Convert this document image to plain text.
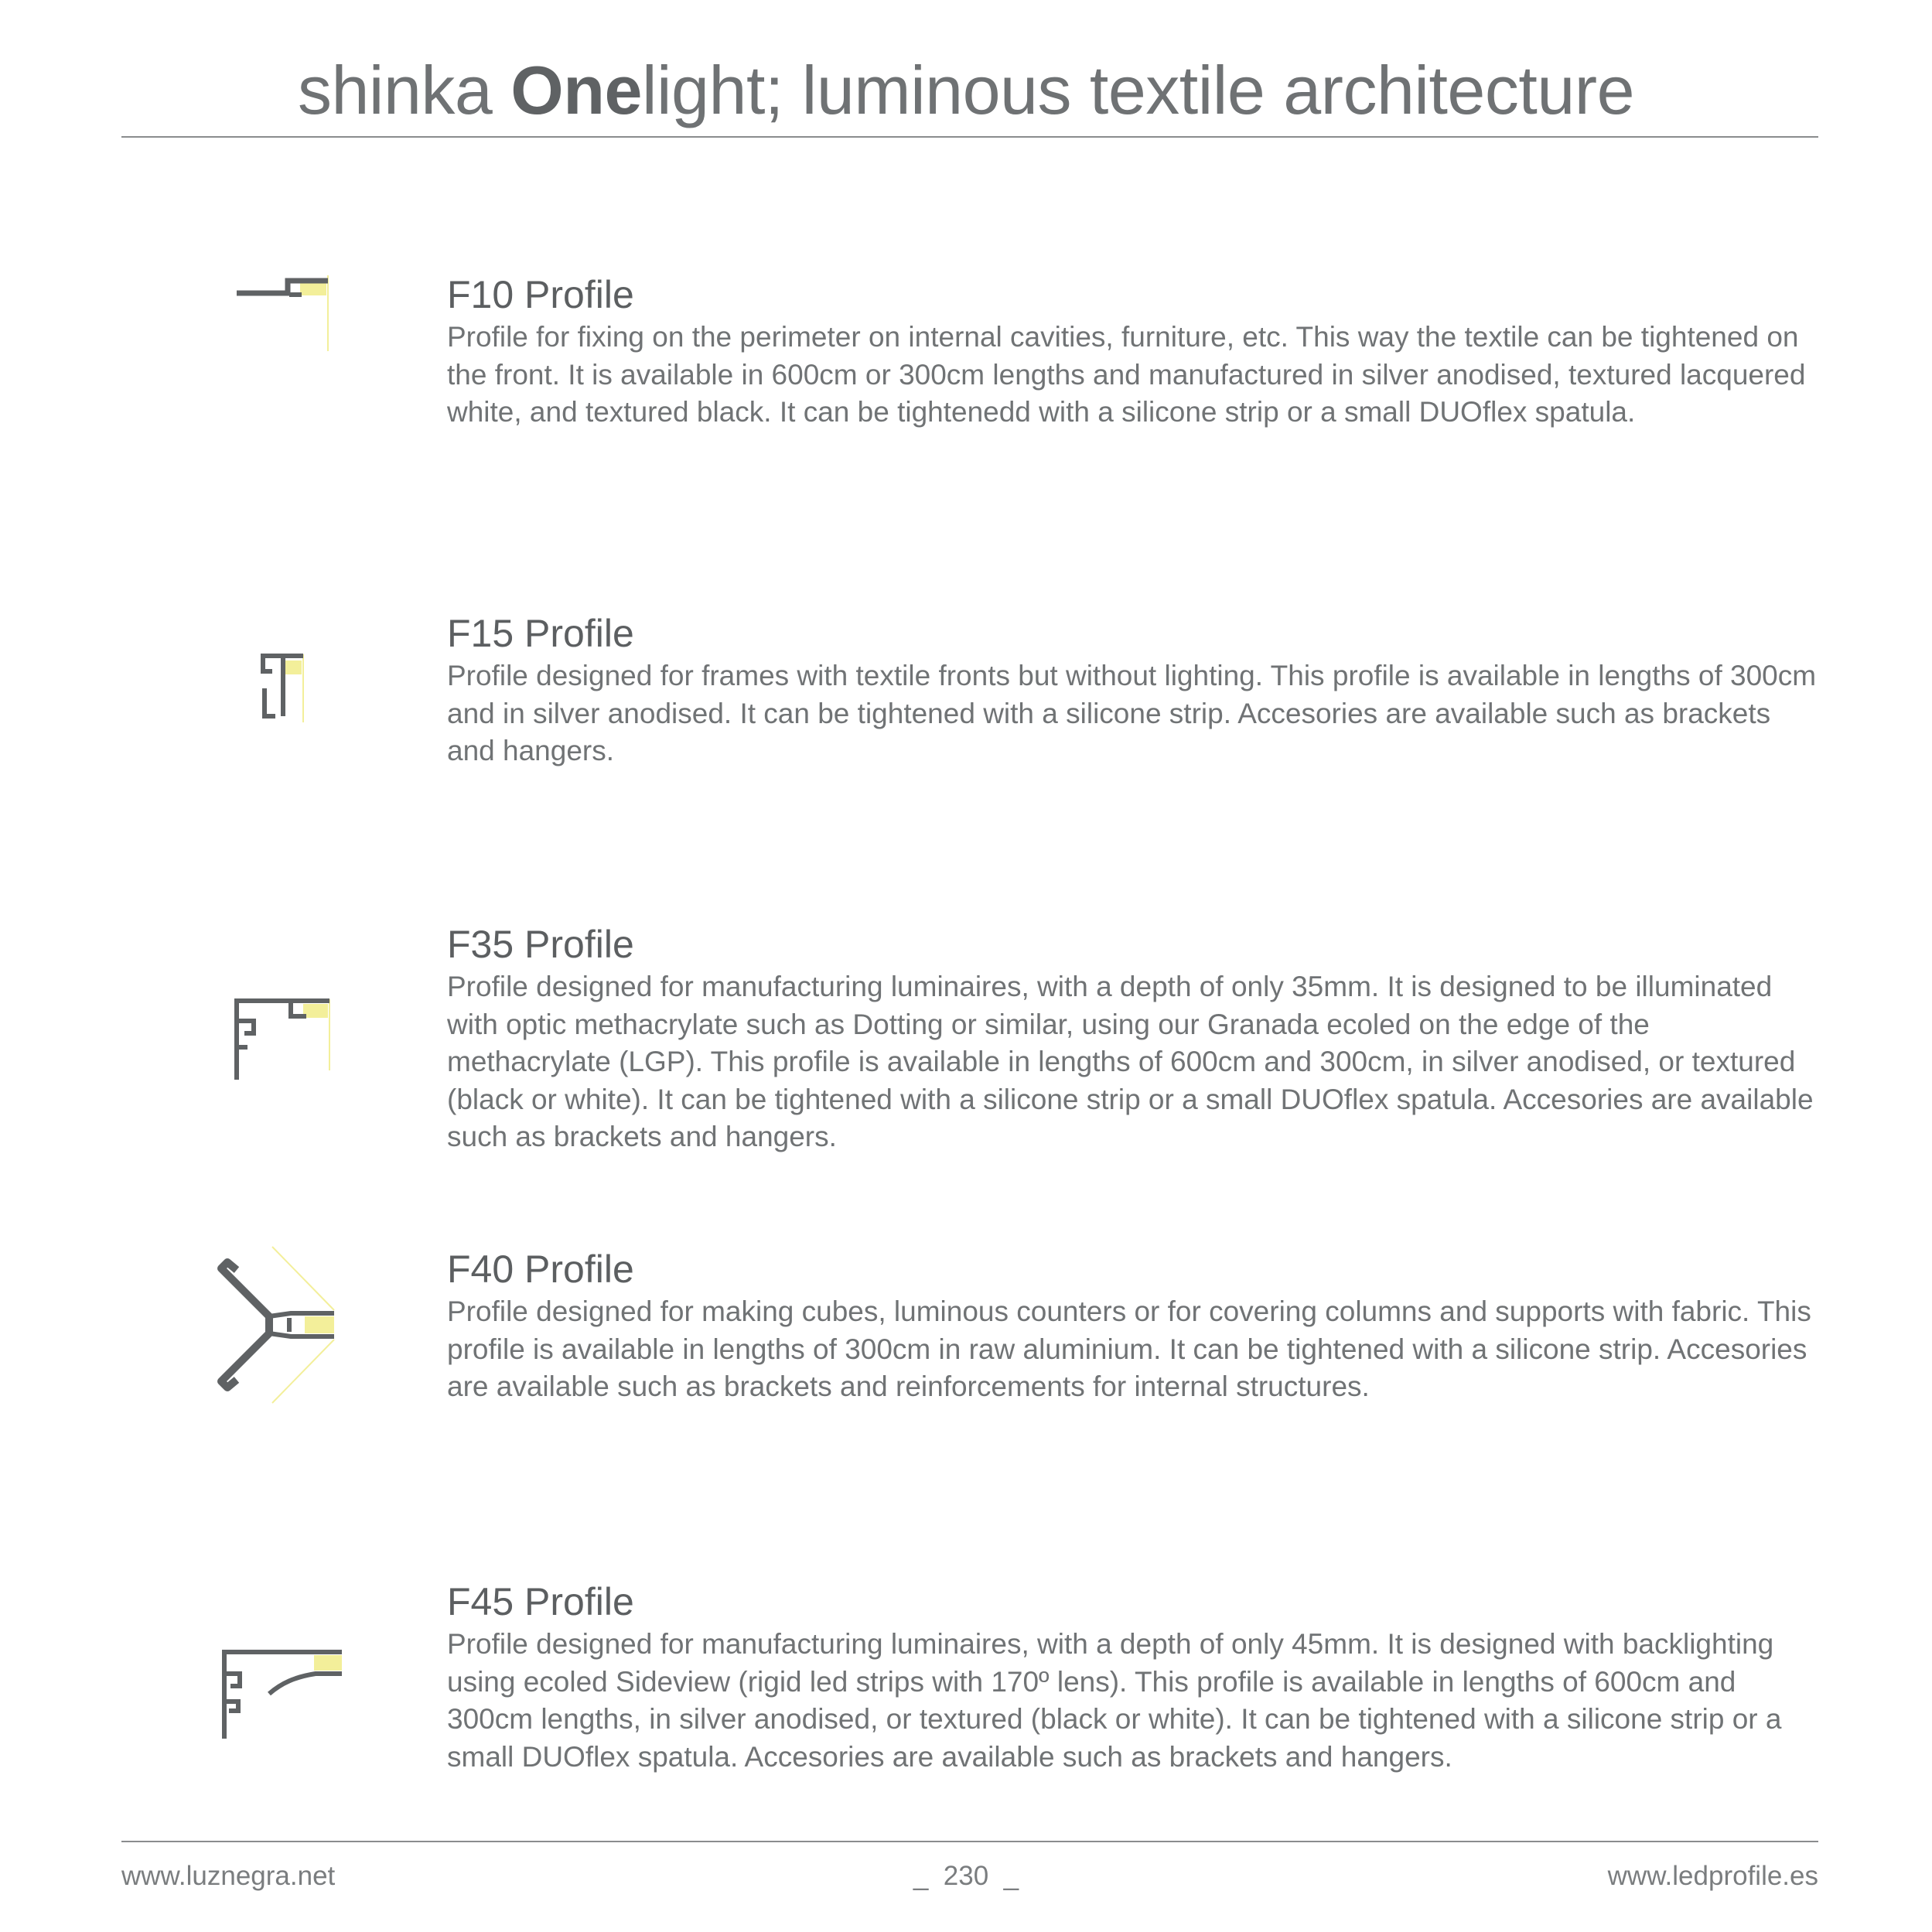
shinka Onelight; luminous textile architecture
F10 Profile

Profile for fixing on the perimeter on internal cavities, furniture, etc. This way the textile can be tightened on the front. It is available in 600cm or 300cm lengths and manufactured in silver anodised, textured lacquered white, and textured black. It can be tightenedd with a silicone strip or a small DUOflex spatula.

F15 Profile

Profile designed for frames with textile fronts but without lighting. This profile is available in lengths of 300cm and in silver anodised. It can be tightened with a silicone strip. Accesories are available such as brackets and hangers.

F35 Profile

Profile designed for manufacturing luminaires, with a depth of only 35mm. It is designed to be illuminated with optic methacrylate such as Dotting or similar, using our Granada ecoled on the edge of the methacrylate (LGP). This profile is available in lengths of 600cm and 300cm, in silver anodised, or textured (black or white). It can be tightened with a silicone strip or a small DUOflex spatula. Accesories are available such as brackets and hangers.

F40 Profile

Profile designed for making cubes, luminous counters or for covering columns and supports with fabric. This profile is available in lengths of 300cm in raw aluminium. It can be tightened with a silicone strip. Accesories are available such as brackets and reinforcements for internal structures.

F45 Profile

Profile designed for manufacturing luminaires, with a depth of only 45mm. It is designed with backlighting using ecoled Sideview (rigid led strips with 170º lens). This profile is available in lengths of 600cm and 300cm lengths, in silver anodised, or textured (black or white). It can be tightened with a silicone strip or a small DUOflex spatula. Accesories are available such as brackets and hangers.

www.luznegra.net	_  230  _	www.ledprofile.es
